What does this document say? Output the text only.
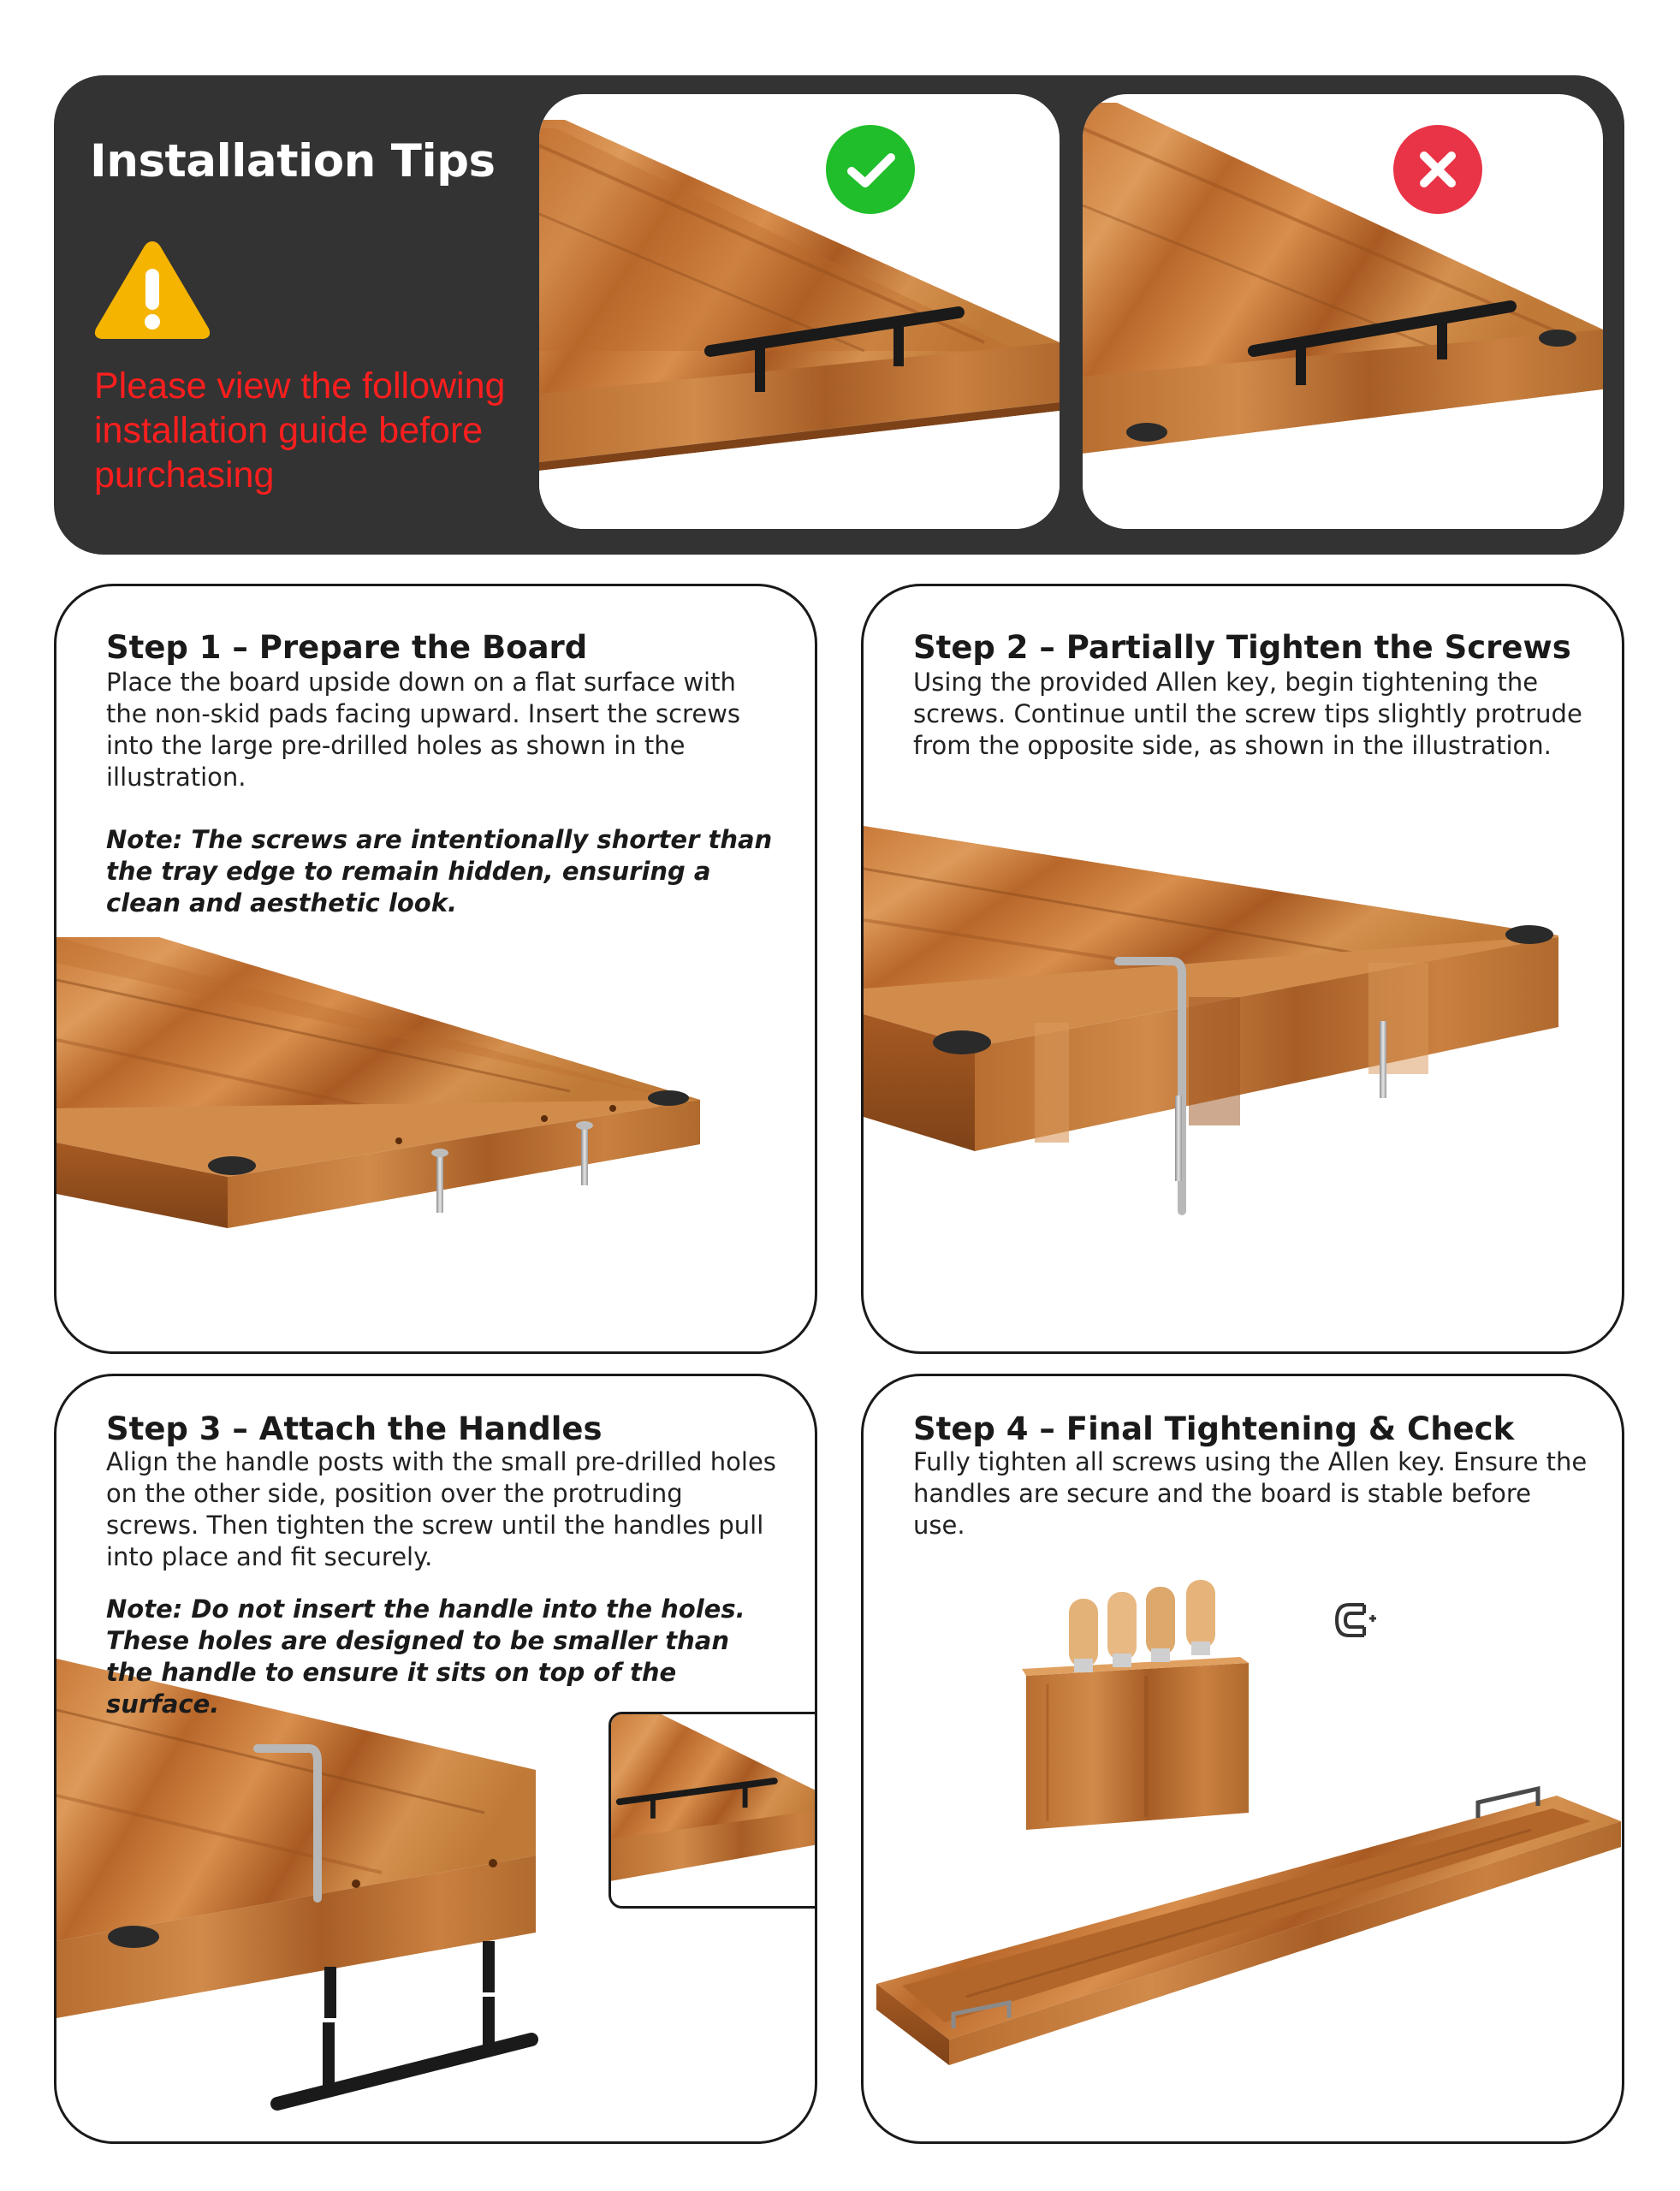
Installation Tips
Please view the following installation guide before purchasing
Step 1 – Prepare the Board
Place the board upside down on a flat surface with the non-skid pads facing upward. Insert the screws into the large pre-drilled holes as shown in the illustration.
Note: The screws are intentionally shorter than the tray edge to remain hidden, ensuring a clean and aesthetic look.
Step 2 – Partially Tighten the Screws
Using the provided Allen key, begin tightening the screws. Continue until the screw tips slightly protrude from the opposite side, as shown in the illustration.
Step 3 – Attach the Handles
Align the handle posts with the small pre-drilled holes on the other side, position over the protruding screws. Then tighten the screw until the handles pull into place and fit securely.
Note: Do not insert the handle into the holes. These holes are designed to be smaller than the handle to ensure it sits on top of the surface.
Step 4 – Final Tightening & Check
Fully tighten all screws using the Allen key. Ensure the handles are secure and the board is stable before use.
